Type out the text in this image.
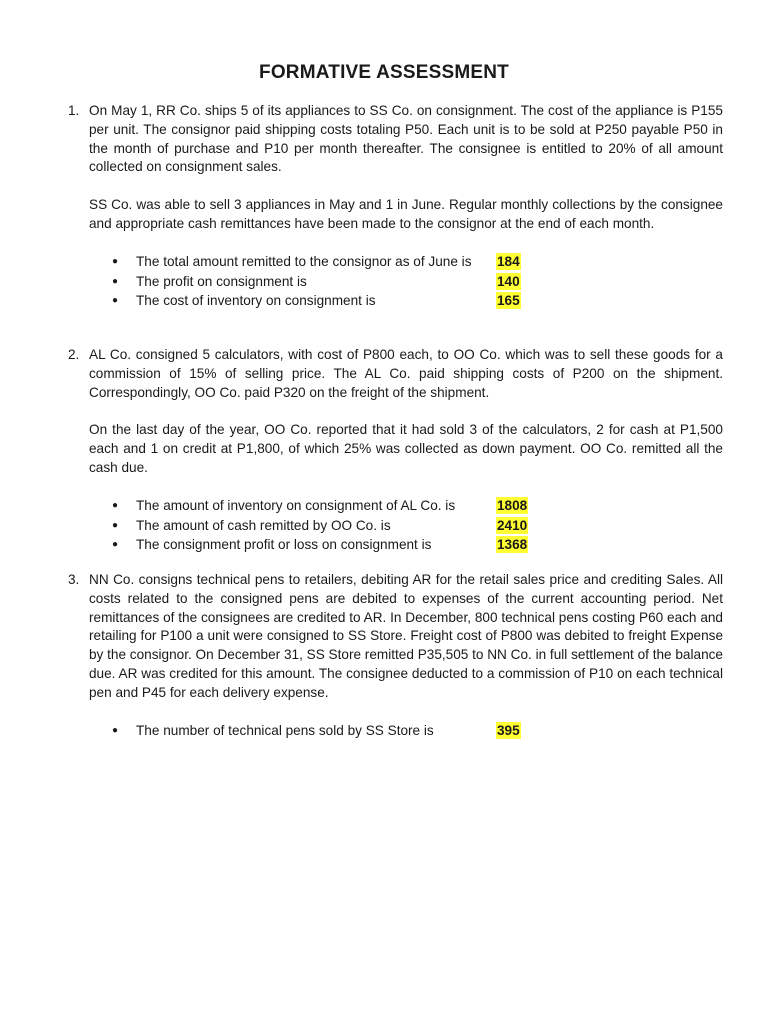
FORMATIVE ASSESSMENT
1. On May 1, RR Co. ships 5 of its appliances to SS Co. on consignment. The cost of the appliance is P155 per unit. The consignor paid shipping costs totaling P50. Each unit is to be sold at P250 payable P50 in the month of purchase and P10 per month thereafter. The consignee is entitled to 20% of all amount collected on consignment sales.

SS Co. was able to sell 3 appliances in May and 1 in June. Regular monthly collections by the consignee and appropriate cash remittances have been made to the consignor at the end of each month.

● The total amount remitted to the consignor as of June is 184
● The profit on consignment is	140
● The cost of inventory on consignment is	165
2. AL Co. consigned 5 calculators, with cost of P800 each, to OO Co. which was to sell these goods for a commission of 15% of selling price. The AL Co. paid shipping costs of P200 on the shipment. Correspondingly, OO Co. paid P320 on the freight of the shipment.

On the last day of the year, OO Co. reported that it had sold 3 of the calculators, 2 for cash at P1,500 each and 1 on credit at P1,800, of which 25% was collected as down payment. OO Co. remitted all the cash due.

● The amount of inventory on consignment of AL Co. is	1808
● The amount of cash remitted by OO Co. is	2410
● The consignment profit or loss on consignment is	1368
3. NN Co. consigns technical pens to retailers, debiting AR for the retail sales price and crediting Sales. All costs related to the consigned pens are debited to expenses of the current accounting period. Net remittances of the consignees are credited to AR. In December, 800 technical pens costing P60 each and retailing for P100 a unit were consigned to SS Store. Freight cost of P800 was debited to freight Expense by the consignor. On December 31, SS Store remitted P35,505 to NN Co. in full settlement of the balance due. AR was credited for this amount. The consignee deducted to a commission of P10 on each technical pen and P45 for each delivery expense.

● The number of technical pens sold by SS Store is	395
